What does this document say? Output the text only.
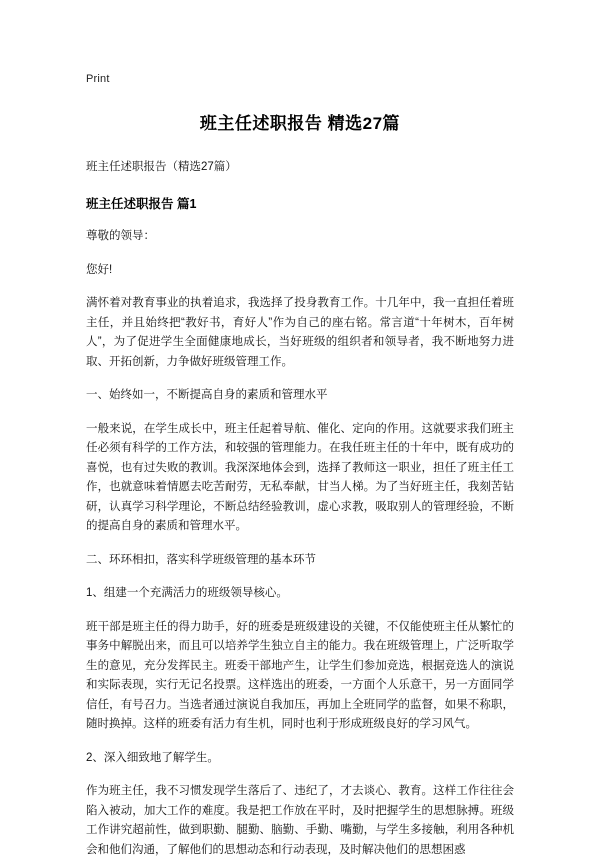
Print
班主任述职报告 精选27篇
班主任述职报告（精选27篇）
班主任述职报告 篇1

尊敬的领导：

您好!

满怀着对教育事业的执着追求，我选择了投身教育工作。十几年中，我一直担任着班主任，并且始终把“教好书，育好人”作为自己的座右铭。常言道“十年树木，百年树人”，为了促进学生全面健康地成长，当好班级的组织者和领导者，我不断地努力进取、开拓创新，力争做好班级管理工作。

一、始终如一，不断提高自身的素质和管理水平

一般来说，在学生成长中，班主任起着导航、催化、定向的作用。这就要求我们班主任必须有科学的工作方法，和较强的管理能力。在我任班主任的十年中，既有成功的喜悦，也有过失败的教训。我深深地体会到，选择了教师这一职业，担任了班主任工作，也就意味着情愿去吃苦耐劳，无私奉献，甘当人梯。为了当好班主任，我刻苦钻研，认真学习科学理论，不断总结经验教训，虚心求教，吸取别人的管理经验，不断的提高自身的素质和管理水平。

二、环环相扣，落实科学班级管理的基本环节

1、组建一个充满活力的班级领导核心。

班干部是班主任的得力助手，好的班委是班级建设的关键，不仅能使班主任从繁忙的事务中解脱出来，而且可以培养学生独立自主的能力。我在班级管理上，广泛听取学生的意见，充分发挥民主。班委干部地产生，让学生们参加竞选，根据竞选人的演说和实际表现，实行无记名投票。这样选出的班委，一方面个人乐意干，另一方面同学信任，有号召力。当选者通过演说自我加压，再加上全班同学的监督，如果不称职，随时换掉。这样的班委有活力有生机，同时也利于形成班级良好的学习风气。

2、深入细致地了解学生。

作为班主任，我不习惯发现学生落后了、违纪了，才去谈心、教育。这样工作往往会陷入被动，加大工作的难度。我是把工作放在平时，及时把握学生的思想脉搏。班级工作讲究超前性，做到职勤、腿勤、脑勤、手勤、嘴勤，与学生多接触，利用各种机会和他们沟通，了解他们的思想动态和行动表现，及时解决他们的思想困惑
